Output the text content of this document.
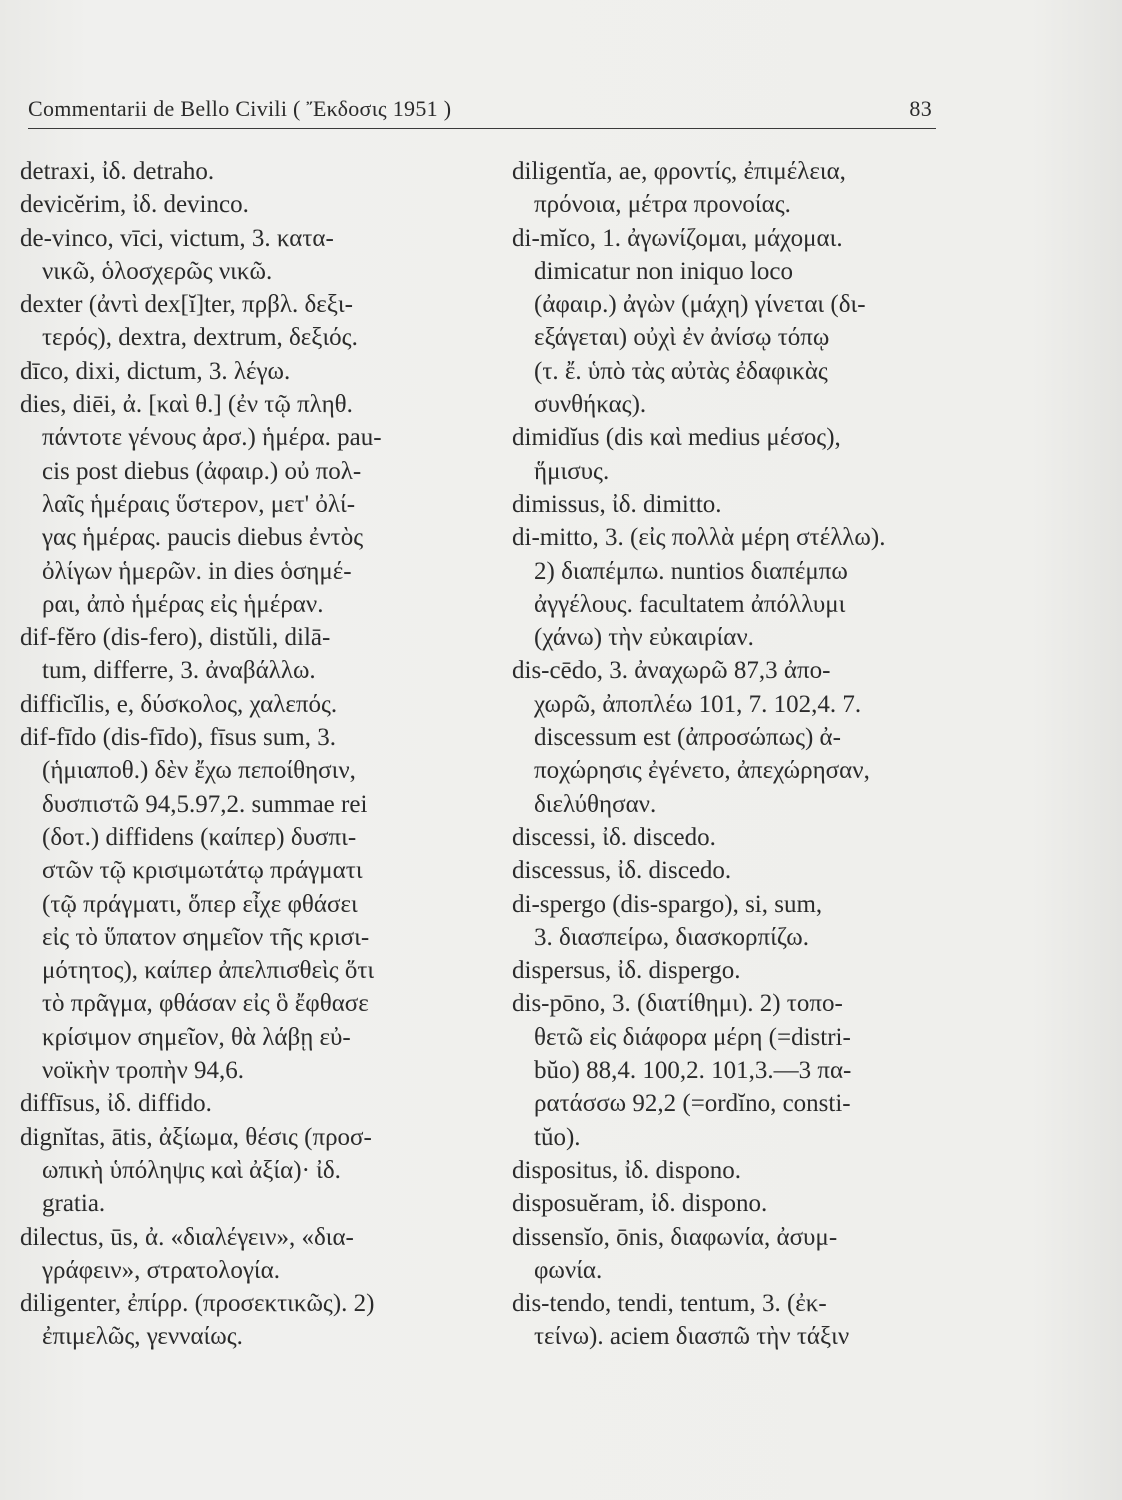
Commentarii de Bello Civili ( Ἔκδοσις 1951 )	83
detraxi, ἰδ. detraho.
devicĕrim, ἰδ. devinco.
de-vinco, vīci, victum, 3. κατα-
νικῶ, ὁλοσχερῶς νικῶ.
dexter (ἀντὶ dex[ĭ]ter, πρβλ. δεξι-
τερός), dextra, dextrum, δεξιός.
dīco, dixi, dictum, 3. λέγω.
dies, diēi, ἀ. [καὶ θ.] (ἐν τῷ πληθ.
πάντοτε γένους ἀρσ.) ἡμέρα. pau-
cis post diebus (ἀφαιρ.) οὐ πολ-
λαῖς ἡμέραις ὕστερον, μετ' ὀλί-
γας ἡμέρας. paucis diebus ἐντὸς
ὀλίγων ἡμερῶν. in dies ὁσημέ-
ραι, ἀπὸ ἡμέρας εἰς ἡμέραν.
dif-fĕro (dis-fero), distŭli, dilā-
tum, differre, 3. ἀναβάλλω.
difficĭlis, e, δύσκολος, χαλεπός.
dif-fīdo (dis-fīdo), fīsus sum, 3.
(ἡμιαποθ.) δὲν ἔχω πεποίθησιν,
δυσπιστῶ 94,5.97,2. summae rei
(δοτ.) diffidens (καίπερ) δυσπι-
στῶν τῷ κρισιμωτάτῳ πράγματι
(τῷ πράγματι, ὅπερ εἶχε φθάσει
εἰς τὸ ὕπατον σημεῖον τῆς κρισι-
μότητος), καίπερ ἀπελπισθεὶς ὅτι
τὸ πρᾶγμα, φθάσαν εἰς ὃ ἔφθασε
κρίσιμον σημεῖον, θὰ λάβῃ εὐ-
νοϊκὴν τροπὴν 94,6.
diffīsus, ἰδ. diffido.
dignĭtas, ātis, ἀξίωμα, θέσις (προσ-
ωπικὴ ὑπόληψις καὶ ἀξία)· ἰδ.
gratia.
dilectus, ūs, ἀ. «διαλέγειν», «δια-
γράφειν», στρατολογία.
diligenter, ἐπίρρ. (προσεκτικῶς). 2)
ἐπιμελῶς, γενναίως.
diligentĭa, ae, φροντίς, ἐπιμέλεια,
πρόνοια, μέτρα προνοίας.
di-mĭco, 1. ἀγωνίζομαι, μάχομαι.
dimicatur non iniquo loco
(ἀφαιρ.) ἀγὼν (μάχη) γίνεται (δι-
εξάγεται) οὐχὶ ἐν ἀνίσῳ τόπῳ
(τ. ἔ. ὑπὸ τὰς αὐτὰς ἐδαφικὰς
συνθήκας).
dimidĭus (dis καὶ medius μέσος),
ἥμισυς.
dimissus, ἰδ. dimitto.
di-mitto, 3. (εἰς πολλὰ μέρη στέλλω).
2) διαπέμπω. nuntios διαπέμπω
ἀγγέλους. facultatem ἀπόλλυμι
(χάνω) τὴν εὐκαιρίαν.
dis-cēdo, 3. ἀναχωρῶ 87,3 ἀπο-
χωρῶ, ἀποπλέω 101, 7. 102,4. 7.
discessum est (ἀπροσώπως) ἀ-
ποχώρησις ἐγένετο, ἀπεχώρησαν,
διελύθησαν.
discessi, ἰδ. discedo.
discessus, ἰδ. discedo.
di-spergo (dis-spargo), si, sum,
3. διασπείρω, διασκορπίζω.
dispersus, ἰδ. dispergo.
dis-pōno, 3. (διατίθημι). 2) τοπο-
θετῶ εἰς διάφορα μέρη (=distri-
bŭo) 88,4. 100,2. 101,3.—3 πα-
ρατάσσω 92,2 (=ordĭno, consti-
tŭo).
dispositus, ἰδ. dispono.
disposuĕram, ἰδ. dispono.
dissensĭo, ōnis, διαφωνία, ἀσυμ-
φωνία.
dis-tendo, tendi, tentum, 3. (ἐκ-
τείνω). aciem διασπῶ τὴν τάξιν
